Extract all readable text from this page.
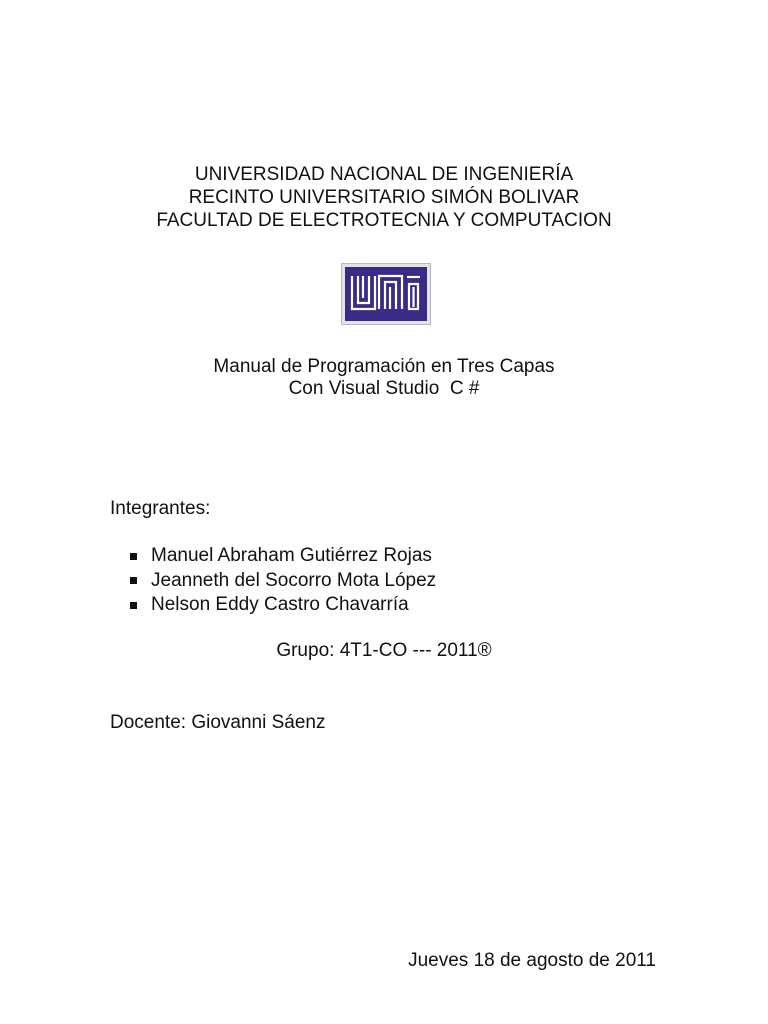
UNIVERSIDAD NACIONAL DE INGENIERÍA
RECINTO UNIVERSITARIO SIMÓN BOLIVAR
FACULTAD DE ELECTROTECNIA Y COMPUTACION
Manual de Programación en Tres Capas
Con Visual Studio  C #
Integrantes:
Manuel Abraham Gutiérrez Rojas
Jeanneth del Socorro Mota López
Nelson Eddy Castro Chavarría
Grupo: 4T1-CO --- 2011®
Docente: Giovanni Sáenz
Jueves 18 de agosto de 2011
